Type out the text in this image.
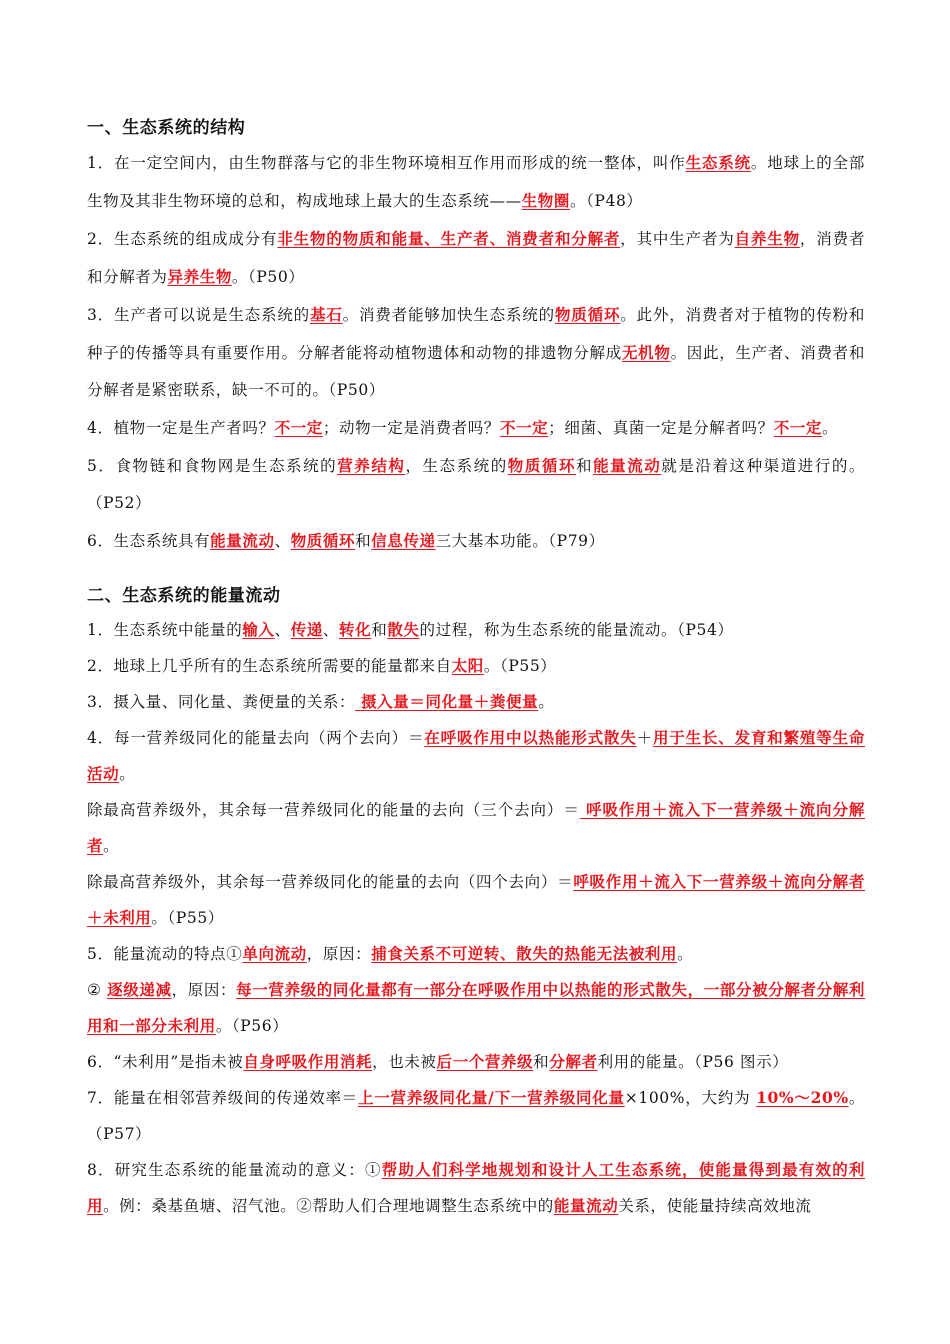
一、生态系统的结构

1．在一定空间内，由生物群落与它的非生物环境相互作用而形成的统一整体，叫作生态系统。地球上的全部生物及其非生物环境的总和，构成地球上最大的生态系统——生物圈。（P48）

2．生态系统的组成成分有非生物的物质和能量、生产者、消费者和分解者，其中生产者为自养生物，消费者和分解者为异养生物。（P50）

3．生产者可以说是生态系统的基石。消费者能够加快生态系统的物质循环。此外，消费者对于植物的传粉和种子的传播等具有重要作用。分解者能将动植物遗体和动物的排遗物分解成无机物。因此，生产者、消费者和分解者是紧密联系，缺一不可的。（P50）

4．植物一定是生产者吗？不一定；动物一定是消费者吗？不一定；细菌、真菌一定是分解者吗？不一定。

5．食物链和食物网是生态系统的营养结构，生态系统的物质循环和能量流动就是沿着这种渠道进行的。（P52）

6．生态系统具有能量流动、物质循环和信息传递三大基本功能。（P79）

二、生态系统的能量流动

1．生态系统中能量的输入、传递、转化和散失的过程，称为生态系统的能量流动。（P54）

2．地球上几乎所有的生态系统所需要的能量都来自太阳。（P55）

3．摄入量、同化量、粪便量的关系： 摄入量＝同化量＋粪便量。

4．每一营养级同化的能量去向（两个去向）＝在呼吸作用中以热能形式散失＋用于生长、发育和繁殖等生命活动。

除最高营养级外，其余每一营养级同化的能量的去向（三个去向）＝ 呼吸作用＋流入下一营养级＋流向分解者。

除最高营养级外，其余每一营养级同化的能量的去向（四个去向）＝呼吸作用＋流入下一营养级＋流向分解者＋未利用。（P55）

5．能量流动的特点①单向流动，原因：捕食关系不可逆转、散失的热能无法被利用。

② 逐级递减，原因：每一营养级的同化量都有一部分在呼吸作用中以热能的形式散失，一部分被分解者分解利用和一部分未利用。（P56）

6．“未利用”是指未被自身呼吸作用消耗，也未被后一个营养级和分解者利用的能量。（P56 图示）

7．能量在相邻营养级间的传递效率＝上一营养级同化量/下一营养级同化量×100%，大约为 10%～20%。（P57）

8．研究生态系统的能量流动的意义：①帮助人们科学地规划和设计人工生态系统，使能量得到最有效的利用。例：桑基鱼塘、沼气池。②帮助人们合理地调整生态系统中的能量流动关系，使能量持续高效地流
